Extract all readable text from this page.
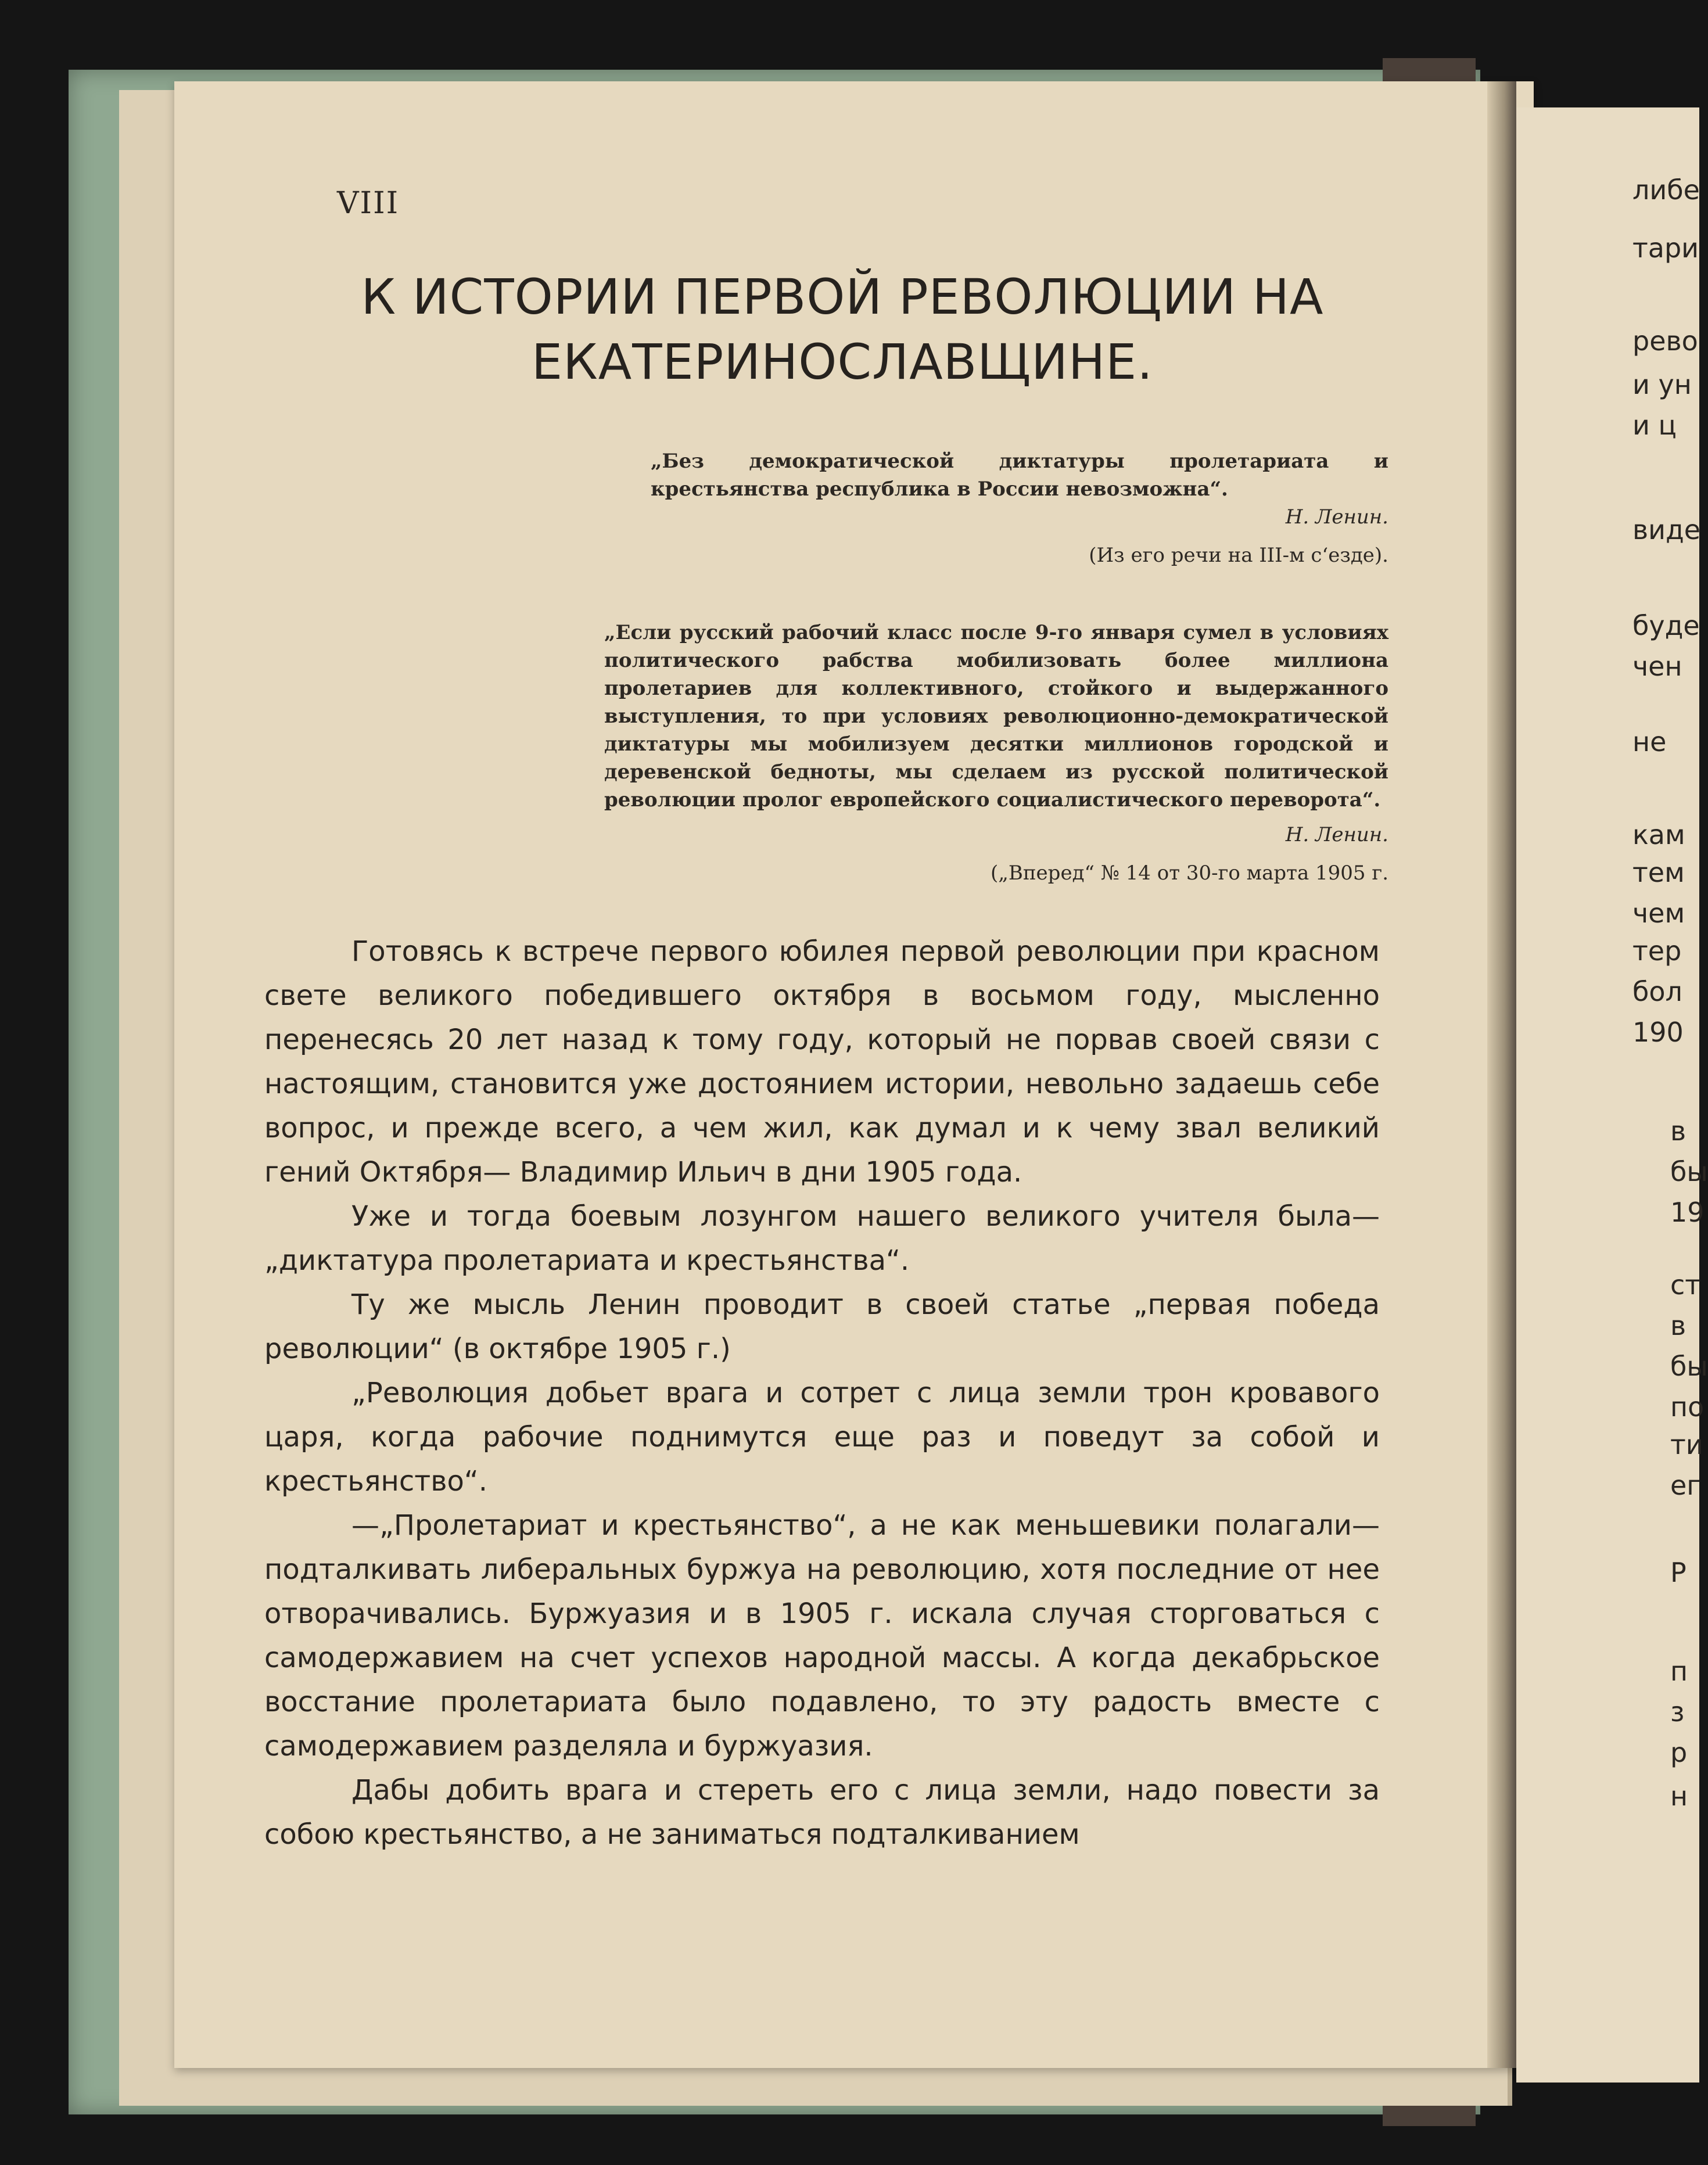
либе
тари
рево
и ун
и ц
виде
буде
чен
не
кам
тем
чем
тер
бол
190
в
бы
19
ст
в
бы
по
ти
ег
Р
п
з
р
н
VIII
К ИСТОРИИ ПЕРВОЙ РЕВОЛЮЦИИ НА ЕКАТЕРИНОСЛАВЩИНЕ.
„Без демократической диктатуры пролетариата и крестьянства республика в России невозможна“.
Н. Ленин.
(Из его речи на III-м с‘езде).
„Если русский рабочий класс после 9-го января сумел в условиях политического рабства мобилизовать более миллиона пролетариев для коллективного, стойкого и выдержанного выступления, то при условиях революционно-демократической диктатуры мы мобилизуем десятки миллионов городской и деревенской бедноты, мы сделаем из русской политической революции пролог европейского социалистического переворота“.
Н. Ленин.
(„Вперед“ № 14 от 30-го марта 1905 г.

Готовясь к встрече первого юбилея первой революции при красном свете великого победившего октября в восьмом году, мысленно перенесясь 20 лет назад к тому году, который не порвав своей связи с настоящим, становится уже достоянием истории, невольно задаешь себе вопрос, и прежде всего, а чем жил, как думал и к чему звал великий гений Октября— Владимир Ильич в дни 1905 года.

Уже и тогда боевым лозунгом нашего великого учителя была—„диктатура пролетариата и крестьянства“.

Ту же мысль Ленин проводит в своей статье „первая победа революции“ (в октябре 1905 г.)

„Революция добьет врага и сотрет с лица земли трон кровавого царя, когда рабочие поднимутся еще раз и поведут за собой и крестьянство“.

—„Пролетариат и крестьянство“, а не как меньшевики полагали—подталкивать либеральных буржуа на революцию, хотя последние от нее отворачивались. Буржуазия и в 1905 г. искала случая сторговаться с самодержавием на счет успехов народной массы. А когда декабрьское восстание пролетариата было подавлено, то эту радость вместе с самодержавием разделяла и буржуазия.

Дабы добить врага и стереть его с лица земли, надо повести за собою крестьянство, а не заниматься подталкиванием
